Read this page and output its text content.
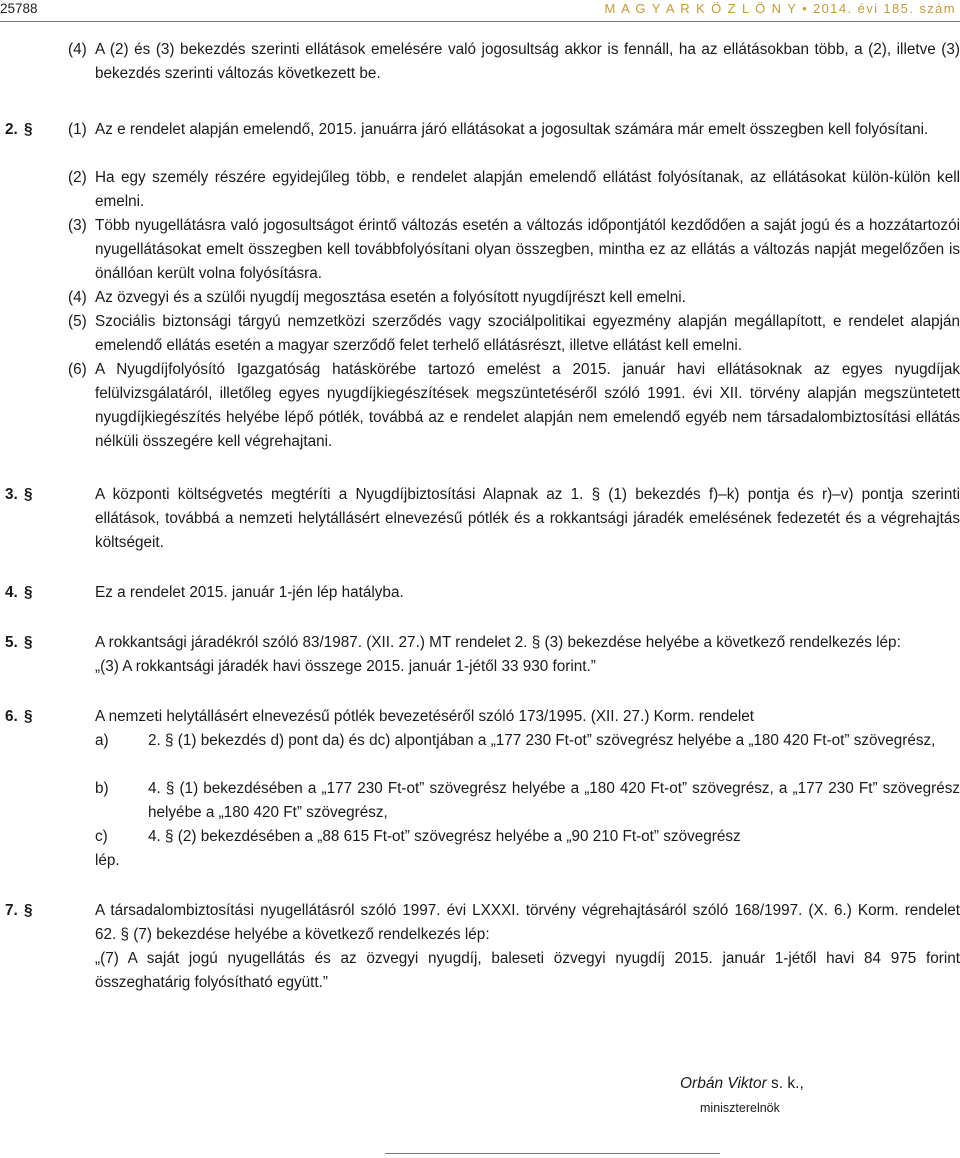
25788	M A G Y A R K Ö Z L Ö N Y • 2014. évi 185. szám
(4) A (2) és (3) bekezdés szerinti ellátások emelésére való jogosultság akkor is fennáll, ha az ellátásokban több, a (2), illetve (3) bekezdés szerinti változás következett be.
2. § (1) Az e rendelet alapján emelendő, 2015. januárra járó ellátásokat a jogosultak számára már emelt összegben kell folyósítani.
(2) Ha egy személy részére egyidejűleg több, e rendelet alapján emelendő ellátást folyósítanak, az ellátásokat külön-külön kell emelni.
(3) Több nyugellátásra való jogosultságot érintő változás esetén a változás időpontjától kezdődően a saját jogú és a hozzátartozói nyugellátásokat emelt összegben kell továbbfolyósítani olyan összegben, mintha ez az ellátás a változás napját megelőzően is önállóan került volna folyósításra.
(4) Az özvegyi és a szülői nyugdíj megosztása esetén a folyósított nyugdíjrészt kell emelni.
(5) Szociális biztonsági tárgyú nemzetközi szerződés vagy szociálpolitikai egyezmény alapján megállapított, e rendelet alapján emelendő ellátás esetén a magyar szerződő felet terhelő ellátásrészt, illetve ellátást kell emelni.
(6) A Nyugdíjfolyósító Igazgatóság hatáskörébe tartozó emelést a 2015. január havi ellátásoknak az egyes nyugdíjak felülvizsgálatáról, illetőleg egyes nyugdíjkiegészítések megszüntetéséről szóló 1991. évi XII. törvény alapján megszüntetett nyugdíjkiegészítés helyébe lépő pótlék, továbbá az e rendelet alapján nem emelendő egyéb nem társadalombiztosítási ellátás nélküli összegére kell végrehajtani.
3. §	A központi költségvetés megtéríti a Nyugdíjbiztosítási Alapnak az 1. § (1) bekezdés f)–k) pontja és r)–v) pontja szerinti ellátások, továbbá a nemzeti helytállásért elnevezésű pótlék és a rokkantsági járadék emelésének fedezetét és a végrehajtás költségeit.
4. §	Ez a rendelet 2015. január 1-jén lép hatályba.
5. §	A rokkantsági járadékról szóló 83/1987. (XII. 27.) MT rendelet 2. § (3) bekezdése helyébe a következő rendelkezés lép:
„(3) A rokkantsági járadék havi összege 2015. január 1-jétől 33 930 forint.”
6. §	A nemzeti helytállásért elnevezésű pótlék bevezetéséről szóló 173/1995. (XII. 27.) Korm. rendelet
a)	2. § (1) bekezdés d) pont da) és dc) alpontjában a „177 230 Ft-ot” szövegrész helyébe a „180 420 Ft-ot” szövegrész,
b)	4. § (1) bekezdésében a „177 230 Ft-ot” szövegrész helyébe a „180 420 Ft-ot” szövegrész, a „177 230 Ft” szövegrész helyébe a „180 420 Ft” szövegrész,
c)	4. § (2) bekezdésében a „88 615 Ft-ot” szövegrész helyébe a „90 210 Ft-ot” szövegrész
lép.
7. §	A társadalombiztosítási nyugellátásról szóló 1997. évi LXXXI. törvény végrehajtásáról szóló 168/1997. (X. 6.) Korm. rendelet 62. § (7) bekezdése helyébe a következő rendelkezés lép:
„(7) A saját jogú nyugellátás és az özvegyi nyugdíj, baleseti özvegyi nyugdíj 2015. január 1-jétől havi 84 975 forint összeghatárig folyósítható együtt.”
Orbán Viktor s. k.,
miniszterelnök
